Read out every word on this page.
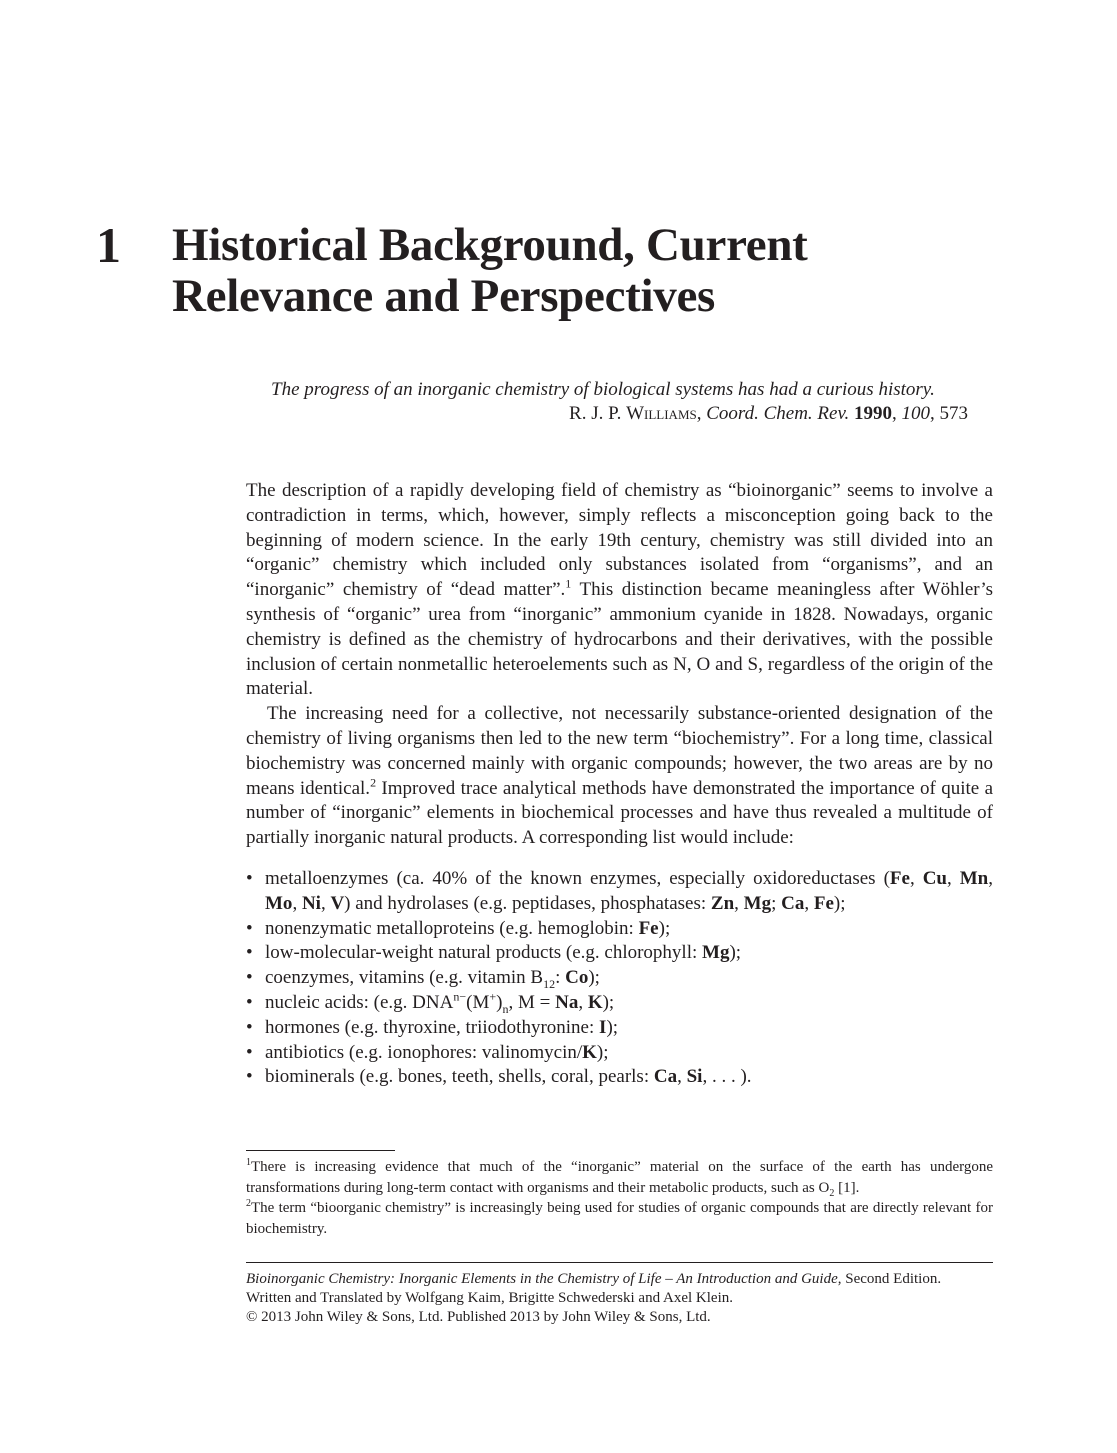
1 Historical Background, Current
Relevance and Perspectives
The progress of an inorganic chemistry of biological systems has had a curious history.
R. J. P. Williams, Coord. Chem. Rev. 1990, 100, 573

The description of a rapidly developing field of chemistry as “bioinorganic” seems to involve a contradiction in terms, which, however, simply reflects a misconception going back to the beginning of modern science. In the early 19th century, chemistry was still divided into an “organic” chemistry which included only substances isolated from “organisms”, and an “inorganic” chemistry of “dead matter”.$^1$ This distinction became meaningless after Wöhler’s synthesis of “organic” urea from “inorganic” ammonium cyanide in 1828. Nowadays, organic chemistry is defined as the chemistry of hydrocarbons and their derivatives, with the possible inclusion of certain nonmetallic heteroelements such as N, O and S, regardless of the origin of the material.

The increasing need for a collective, not necessarily substance-oriented designation of the chemistry of living organisms then led to the new term “biochemistry”. For a long time, classical biochemistry was concerned mainly with organic compounds; however, the two areas are by no means identical.$^2$ Improved trace analytical methods have demonstrated the importance of quite a number of “inorganic” elements in biochemical processes and have thus revealed a multitude of partially inorganic natural products. A corresponding list would include:

• metalloenzymes (ca. 40% of the known enzymes, especially oxidoreductases (Fe, Cu, Mn, Mo, Ni, V) and hydrolases (e.g. peptidases, phosphatases: Zn, Mg; Ca, Fe);
• nonenzymatic metalloproteins (e.g. hemoglobin: Fe);
• low-molecular-weight natural products (e.g. chlorophyll: Mg);
• coenzymes, vitamins (e.g. vitamin $B_{12}$: Co);
• nucleic acids: (e.g. $DNA^{n-}(M^+)_n$, M = Na, K);
• hormones (e.g. thyroxine, triiodothyronine: I);
• antibiotics (e.g. ionophores: valinomycin/K);
• biominerals (e.g. bones, teeth, shells, coral, pearls: Ca, Si, . . . ).

$^1$There is increasing evidence that much of the “inorganic” material on the surface of the earth has undergone transformations during long-term contact with organisms and their metabolic products, such as $O_2$ [1].

$^2$The term “bioorganic chemistry” is increasingly being used for studies of organic compounds that are directly relevant for biochemistry.

Bioinorganic Chemistry: Inorganic Elements in the Chemistry of Life – An Introduction and Guide, Second Edition.

Written and Translated by Wolfgang Kaim, Brigitte Schwederski and Axel Klein.

© 2013 John Wiley & Sons, Ltd. Published 2013 by John Wiley & Sons, Ltd.
